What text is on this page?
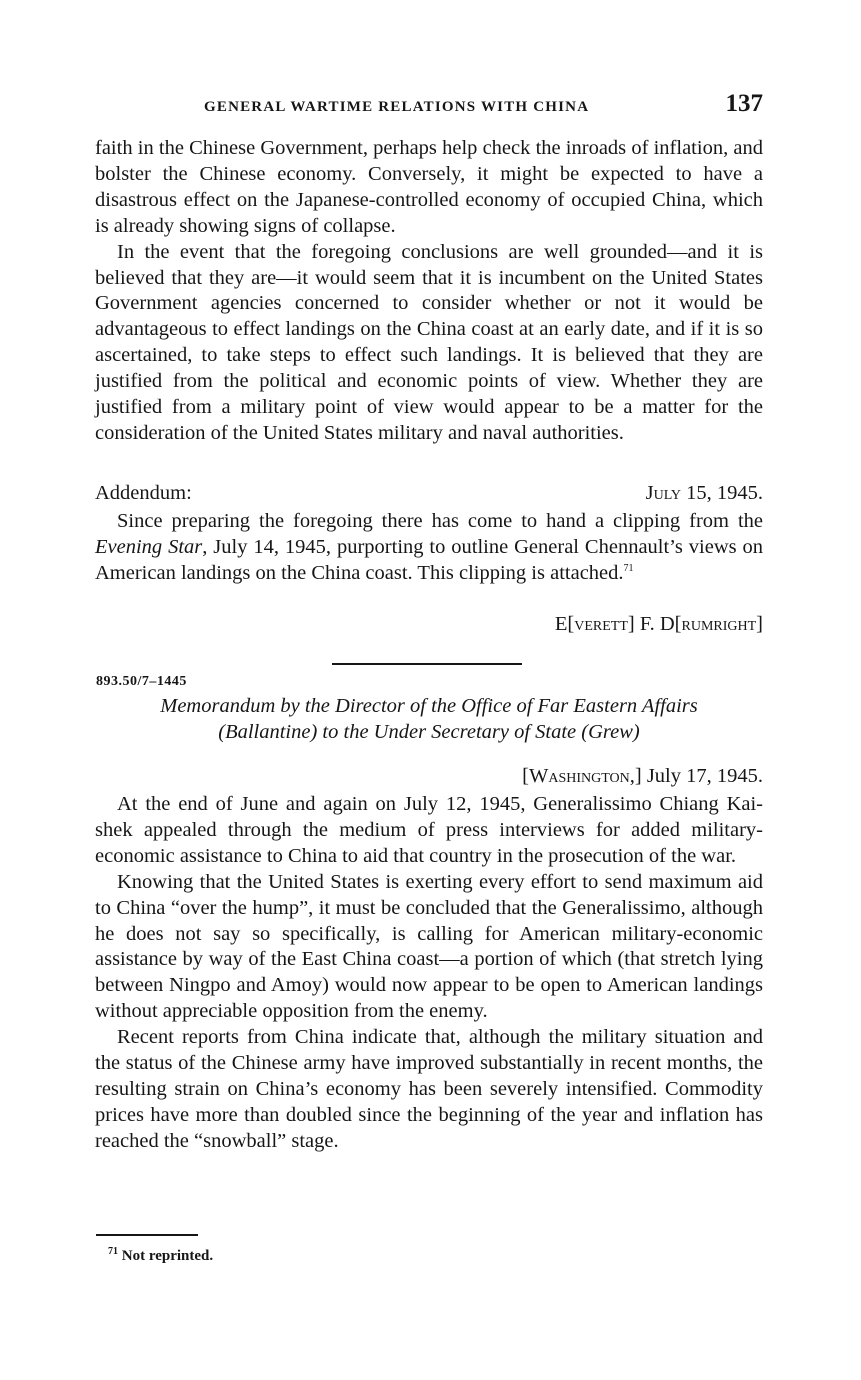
GENERAL WARTIME RELATIONS WITH CHINA	137

faith in the Chinese Government, perhaps help check the inroads of inflation, and bolster the Chinese economy. Conversely, it might be expected to have a disastrous effect on the Japanese-controlled economy of occupied China, which is already showing signs of collapse.

In the event that the foregoing conclusions are well grounded—and it is believed that they are—it would seem that it is incumbent on the United States Government agencies concerned to consider whether or not it would be advantageous to effect landings on the China coast at an early date, and if it is so ascertained, to take steps to effect such landings. It is believed that they are justified from the political and economic points of view. Whether they are justified from a military point of view would appear to be a matter for the consideration of the United States military and naval authorities.

Addendum:	July 15, 1945.

Since preparing the foregoing there has come to hand a clipping from the Evening Star, July 14, 1945, purporting to outline General Chennault’s views on American landings on the China coast. This clipping is attached.$^{71}$

E[verett] F. D[rumright]
893.50/7–1445
Memorandum by the Director of the Office of Far Eastern Affairs
(Ballantine) to the Under Secretary of State (Grew)
[Washington,] July 17, 1945.

At the end of June and again on July 12, 1945, Generalissimo Chiang Kai-shek appealed through the medium of press interviews for added military-economic assistance to China to aid that country in the prosecution of the war.

Knowing that the United States is exerting every effort to send maximum aid to China “over the hump”, it must be concluded that the Generalissimo, although he does not say so specifically, is calling for American military-economic assistance by way of the East China coast—a portion of which (that stretch lying between Ningpo and Amoy) would now appear to be open to American landings without appreciable opposition from the enemy.

Recent reports from China indicate that, although the military situation and the status of the Chinese army have improved substantially in recent months, the resulting strain on China’s economy has been severely intensified. Commodity prices have more than doubled since the beginning of the year and inflation has reached the “snowball” stage.

$^{71}$ Not reprinted.
